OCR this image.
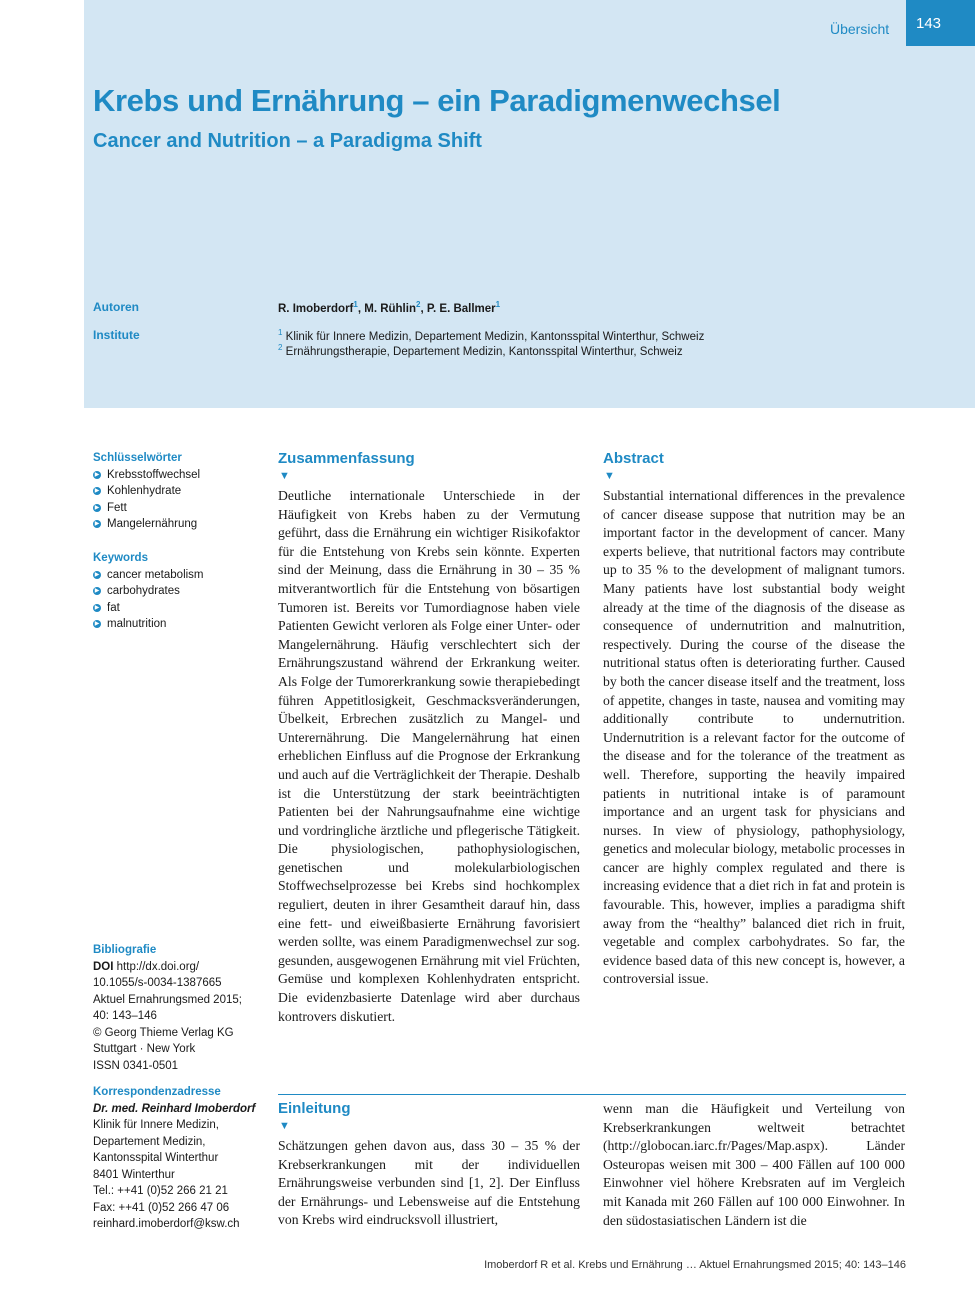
Übersicht	143
Krebs und Ernährung – ein Paradigmenwechsel
Cancer and Nutrition – a Paradigma Shift
Autoren	R. Imoberdorf$^1$, M. Rühlin$^2$, P. E. Ballmer$^1$
Institute	$^1$ Klinik für Innere Medizin, Departement Medizin, Kantonsspital Winterthur, Schweiz
$^2$ Ernährungstherapie, Departement Medizin, Kantonsspital Winterthur, Schweiz
Schlüsselwörter
▶ Krebsstoffwechsel
▶ Kohlenhydrate
▶ Fett
▶ Mangelernährung
Keywords
▶ cancer metabolism
▶ carbohydrates
▶ fat
▶ malnutrition
Bibliografie
DOI http://dx.doi.org/
10.1055/s-0034-1387665
Aktuel Ernahrungsmed 2015;
40: 143–146
© Georg Thieme Verlag KG
Stuttgart · New York
ISSN 0341-0501
Korrespondenzadresse
Dr. med. Reinhard Imoberdorf
Klinik für Innere Medizin,
Departement Medizin,
Kantonsspital Winterthur
8401 Winterthur
Tel.: ++41 (0)52 266 21 21
Fax: ++41 (0)52 266 47 06
reinhard.imoberdorf@ksw.ch
Zusammenfassung
▼

Deutliche internationale Unterschiede in der Häufigkeit von Krebs haben zu der Vermutung geführt, dass die Ernährung ein wichtiger Risikofaktor für die Entstehung von Krebs sein könnte. Experten sind der Meinung, dass die Ernährung in 30 – 35 % mitverantwortlich für die Entstehung von bösartigen Tumoren ist. Bereits vor Tumordiagnose haben viele Patienten Gewicht verloren als Folge einer Unter- oder Mangelernährung. Häufig verschlechtert sich der Ernährungszustand während der Erkrankung weiter. Als Folge der Tumorerkrankung sowie therapiebedingt führen Appetitlosigkeit, Geschmacksveränderungen, Übelkeit, Erbrechen zusätzlich zu Mangel- und Unterernährung. Die Mangelernährung hat einen erheblichen Einfluss auf die Prognose der Erkrankung und auch auf die Verträglichkeit der Therapie. Deshalb ist die Unterstützung der stark beeinträchtigten Patienten bei der Nahrungsaufnahme eine wichtige und vordringliche ärztliche und pflegerische Tätigkeit. Die physiologischen, pathophysiologischen, genetischen und molekularbiologischen Stoffwechselprozesse bei Krebs sind hochkomplex reguliert, deuten in ihrer Gesamtheit darauf hin, dass eine fett- und eiweißbasierte Ernährung favorisiert werden sollte, was einem Paradigmenwechsel zur sog. gesunden, ausgewogenen Ernährung mit viel Früchten, Gemüse und komplexen Kohlenhydraten entspricht. Die evidenzbasierte Datenlage wird aber durchaus kontrovers diskutiert.

Abstract
▼

Substantial international differences in the prevalence of cancer disease suppose that nutrition may be an important factor in the development of cancer. Many experts believe, that nutritional factors may contribute up to 35 % to the development of malignant tumors. Many patients have lost substantial body weight already at the time of the diagnosis of the disease as consequence of undernutrition and malnutrition, respectively. During the course of the disease the nutritional status often is deteriorating further. Caused by both the cancer disease itself and the treatment, loss of appetite, changes in taste, nausea and vomiting may additionally contribute to undernutrition. Undernutrition is a relevant factor for the outcome of the disease and for the tolerance of the treatment as well. Therefore, supporting the heavily impaired patients in nutritional intake is of paramount importance and an urgent task for physicians and nurses. In view of physiology, pathophysiology, genetics and molecular biology, metabolic processes in cancer are highly complex regulated and there is increasing evidence that a diet rich in fat and protein is favourable. This, however, implies a paradigma shift away from the “healthy” balanced diet rich in fruit, vegetable and complex carbohydrates. So far, the evidence based data of this new concept is, however, a controversial issue.

Einleitung
▼

Schätzungen gehen davon aus, dass 30 – 35 % der Krebserkrankungen mit der individuellen Ernährungsweise verbunden sind [1, 2]. Der Einfluss der Ernährungs- und Lebensweise auf die Entstehung von Krebs wird eindrucksvoll illustriert,

wenn man die Häufigkeit und Verteilung von Krebserkrankungen weltweit betrachtet (http://globocan.iarc.fr/Pages/Map.aspx). Länder Osteuropas weisen mit 300 – 400 Fällen auf 100 000 Einwohner viel höhere Krebsraten auf im Vergleich mit Kanada mit 260 Fällen auf 100 000 Einwohner. In den südostasiatischen Ländern ist die

Imoberdorf R et al. Krebs und Ernährung … Aktuel Ernahrungsmed 2015; 40: 143–146
